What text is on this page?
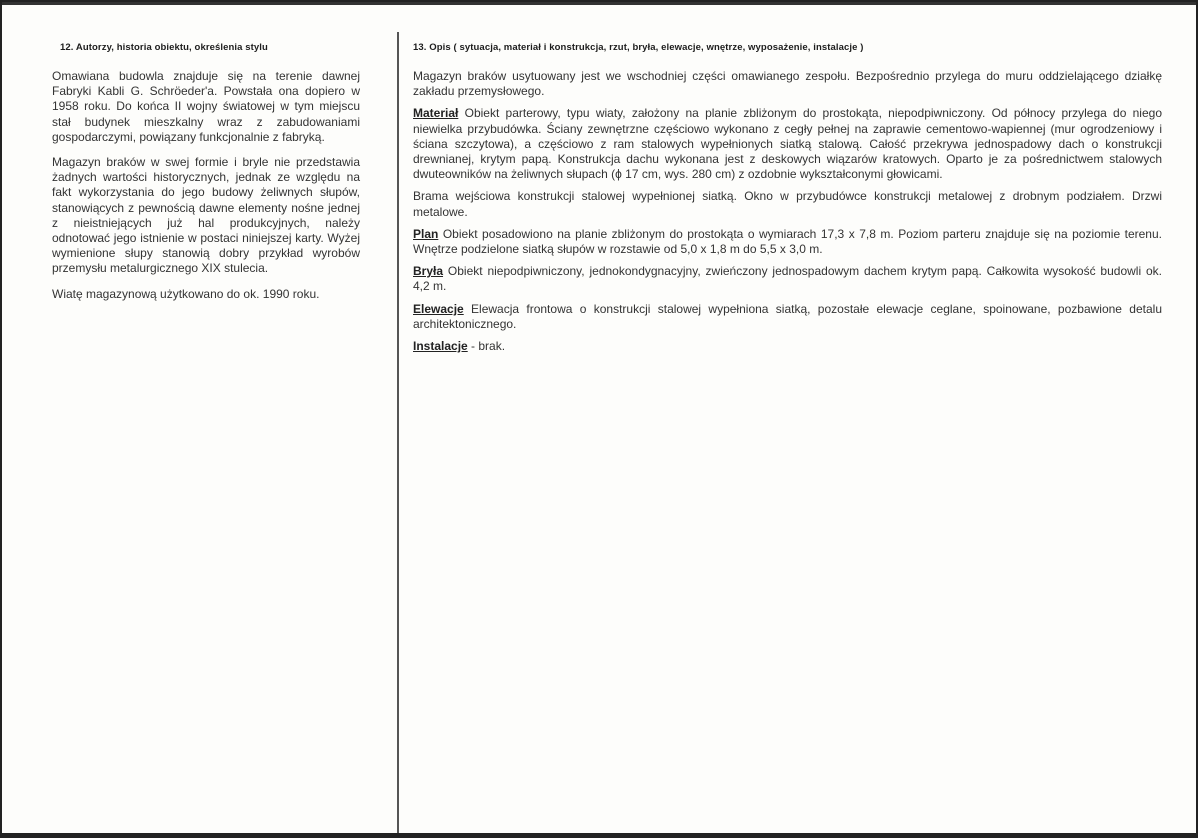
12. Autorzy, historia obiektu, określenia stylu

Omawiana budowla znajduje się na terenie dawnej Fabryki Kabli G. Schröeder'a. Powstała ona dopiero w 1958 roku. Do końca II wojny światowej w tym miejscu stał budynek mieszkalny wraz z zabudowaniami gospodarczymi, powiązany funkcjonalnie z fabryką.

Magazyn braków w swej formie i bryle nie przedstawia żadnych wartości historycznych, jednak ze względu na fakt wykorzystania do jego budowy żeliwnych słupów, stanowiących z pewnością dawne elementy nośne jednej z nieistniejących już hal produkcyjnych, należy odnotować jego istnienie w postaci niniejszej karty. Wyżej wymienione słupy stanowią dobry przykład wyrobów przemysłu metalurgicznego XIX stulecia.

Wiatę magazynową użytkowano do ok. 1990 roku.

13. Opis ( sytuacja, materiał i konstrukcja, rzut, bryła, elewacje, wnętrze, wyposażenie, instalacje )

Magazyn braków usytuowany jest we wschodniej części omawianego zespołu. Bezpośrednio przylega do muru oddzielającego działkę zakładu przemysłowego.

Materiał Obiekt parterowy, typu wiaty, założony na planie zbliżonym do prostokąta, niepodpiwniczony. Od północy przylega do niego niewielka przybudówka. Ściany zewnętrzne częściowo wykonano z cegły pełnej na zaprawie cementowo-wapiennej (mur ogrodzeniowy i ściana szczytowa), a częściowo z ram stalowych wypełnionych siatką stalową. Całość przekrywa jednospadowy dach o konstrukcji drewnianej, krytym papą. Konstrukcja dachu wykonana jest z deskowych wiązarów kratowych. Oparto je za pośrednictwem stalowych dwuteowników na żeliwnych słupach (ϕ 17 cm, wys. 280 cm) z ozdobnie wykształconymi głowicami.

Brama wejściowa konstrukcji stalowej wypełnionej siatką. Okno w przybudówce konstrukcji metalowej z drobnym podziałem. Drzwi metalowe.

Plan Obiekt posadowiono na planie zbliżonym do prostokąta o wymiarach 17,3 x 7,8 m. Poziom parteru znajduje się na poziomie terenu. Wnętrze podzielone siatką słupów w rozstawie od 5,0 x 1,8 m do 5,5 x 3,0 m.

Bryła Obiekt niepodpiwniczony, jednokondygnacyjny, zwieńczony jednospadowym dachem krytym papą. Całkowita wysokość budowli ok. 4,2 m.

Elewacje Elewacja frontowa o konstrukcji stalowej wypełniona siatką, pozostałe elewacje ceglane, spoinowane, pozbawione detalu architektonicznego.

Instalacje - brak.
